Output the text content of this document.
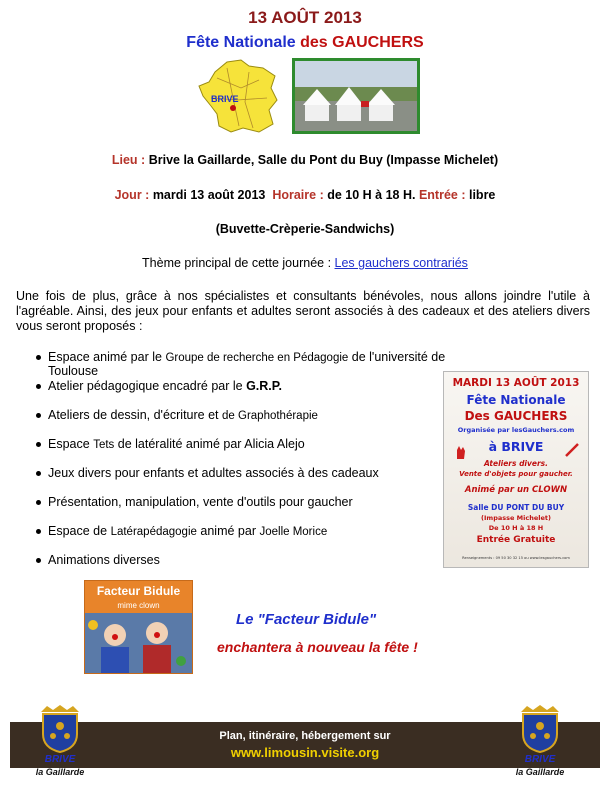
13 AOÛT 2013
Fête Nationale des GAUCHERS
BRIVE
Lieu : Brive la Gaillarde, Salle du Pont du Buy (Impasse Michelet)
Jour : mardi 13 août 2013 Horaire : de 10 H à 18 H. Entrée : libre
(Buvette-Crèperie-Sandwichs)
Thème principal de cette journée : Les gauchers contrariés
Une fois de plus, grâce à nos spécialistes et consultants bénévoles, nous allons joindre l'utile à l'agréable. Ainsi, des jeux pour enfants et adultes seront associés à des cadeaux et des ateliers divers vous seront proposés :
Espace animé par le Groupe de recherche en Pédagogie de l'université de Toulouse
Atelier pédagogique encadré par le G.R.P.
Ateliers de dessin, d'écriture et de Graphothérapie
Espace Tets de latéralité animé par Alicia Alejo
Jeux divers pour enfants et adultes associés à des cadeaux
Présentation, manipulation, vente d'outils pour gaucher
Espace de Latérapédagogie animé par Joelle Morice
Animations diverses
MARDI 13 AOÛT 2013
Fête Nationale
Des GAUCHERS
Organisée par lesGauchers.com
à BRIVE
Ateliers divers.
Vente d'objets pour gaucher.
Animé par un CLOWN
Salle DU PONT DU BUY
(Impasse Michelet)
De 10 H à 18 H
Entrée Gratuite
Renseignements : 09 50 30 32 15 ou www.lesgauchers.com
Facteur Bidule
mime clown
Le "Facteur Bidule"
enchantera à nouveau la fête !
Plan, itinéraire, hébergement sur
www.limousin.visite.org
BRIVE
la Gaillarde
BRIVE
la Gaillarde
